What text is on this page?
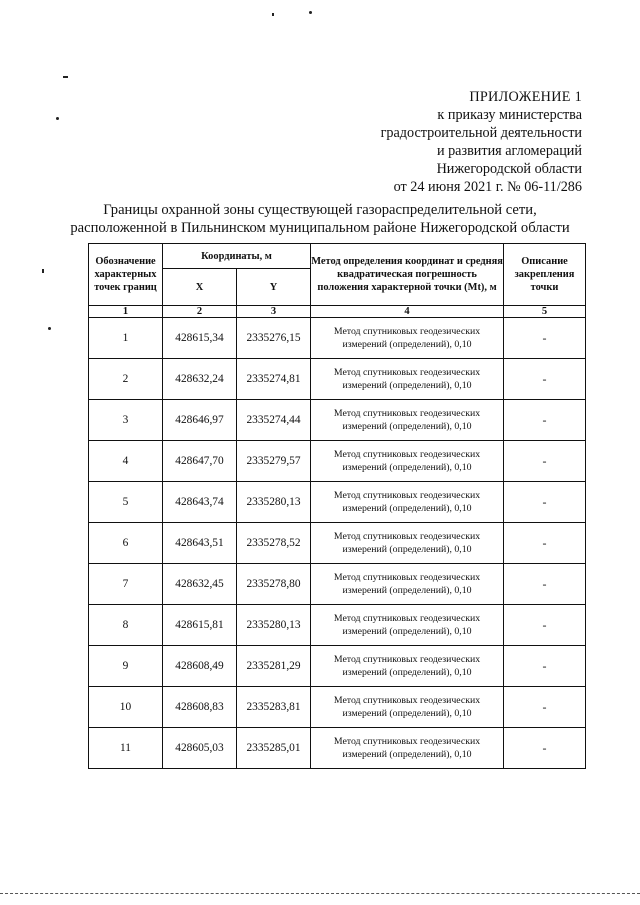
ПРИЛОЖЕНИЕ 1
к приказу министерства
градостроительной деятельности
и развития агломераций
Нижегородской области
от 24 июня 2021 г. № 06-11/286
Границы охранной зоны существующей газораспределительной сети,
расположенной в Пильнинском муниципальном районе Нижегородской области
Обозначение характерных точек границ	Координаты, м		Метод определения координат и средняя квадратическая погрешность положения характерной точки (Mt), м	Описание закрепления точки
	X	Y		
1	2	3	4	5
1	428615,34	2335276,15	Метод спутниковых геодезических измерений (определений), 0,10	-
2	428632,24	2335274,81	Метод спутниковых геодезических измерений (определений), 0,10	-
3	428646,97	2335274,44	Метод спутниковых геодезических измерений (определений), 0,10	-
4	428647,70	2335279,57	Метод спутниковых геодезических измерений (определений), 0,10	-
5	428643,74	2335280,13	Метод спутниковых геодезических измерений (определений), 0,10	-
6	428643,51	2335278,52	Метод спутниковых геодезических измерений (определений), 0,10	-
7	428632,45	2335278,80	Метод спутниковых геодезических измерений (определений), 0,10	-
8	428615,81	2335280,13	Метод спутниковых геодезических измерений (определений), 0,10	-
9	428608,49	2335281,29	Метод спутниковых геодезических измерений (определений), 0,10	-
10	428608,83	2335283,81	Метод спутниковых геодезических измерений (определений), 0,10	-
11	428605,03	2335285,01	Метод спутниковых геодезических измерений (определений), 0,10	-
